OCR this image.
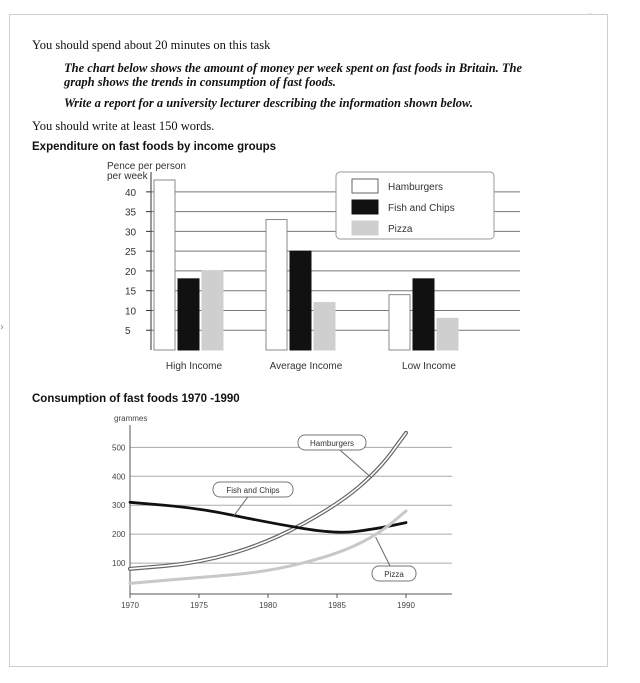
›
You should spend about 20 minutes on this task
The chart below shows the amount of money per week spent on fast foods in Britain. The graph shows the trends in consumption of fast foods.
Write a report for a university lecturer describing the information shown below.
You should write at least 150 words.
Expenditure on fast foods by income groups
Pence per person
per week
5
10
15
20
25
30
35
40
High Income	Average Income	Low Income
Hamburgers
Fish and Chips
Pizza
Consumption of fast foods 1970 -1990
grammes
100
200
300
400
500
1970	1975	1980	1985	1990
Hamburgers
Fish and Chips
Pizza
